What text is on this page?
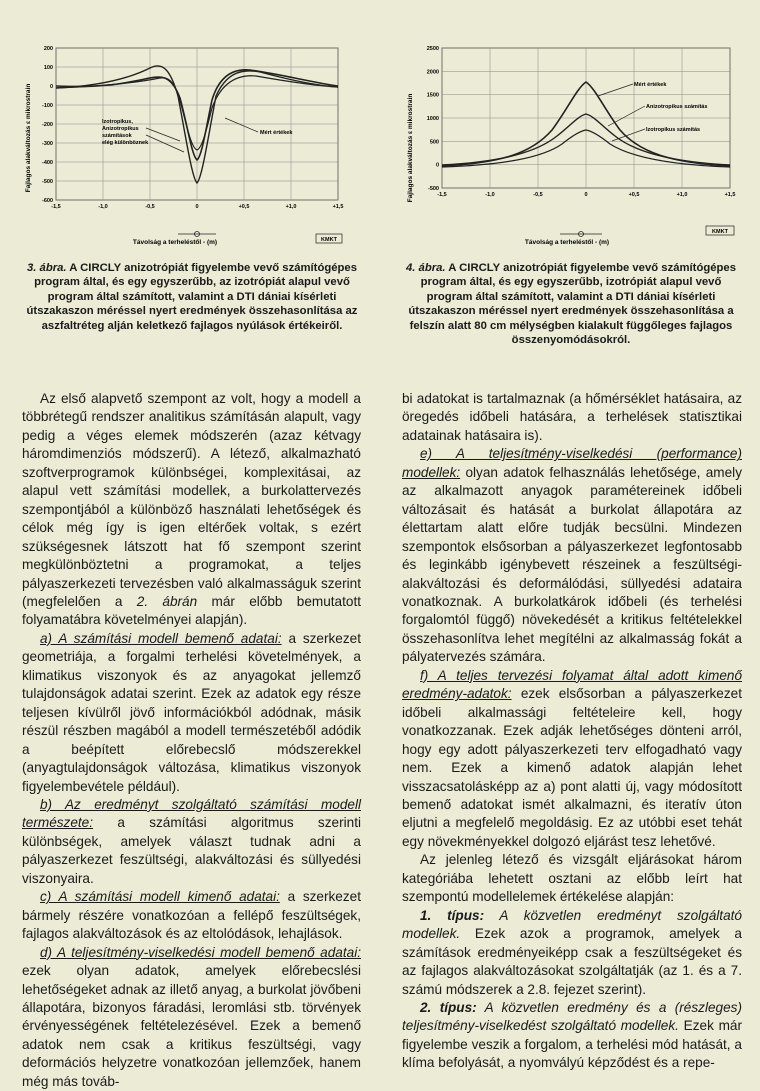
200
100
0
-100
-200
-300
-400
-500
-600
-1,5	-1,0	-0,5	0	+0,5	+1,0	+1,5
Fajlagos alakváltozás ε mikrostrain
Távolság a terheléstől - (m)	KMKT
Izotropikus,
Anizotropikus
számítások
elég különböznek
Mért értékek
2500
2000
1500
1000
500
0
-500
-1,5	-1,0	-0,5	0	+0,5	+1,0	+1,5
Fajlagos alakváltozás ε mikrostrain
Távolság a terheléstől - (m)
KMKT
Mért értékek
Anizotropikus számítás
Izotropikus számítás
3. ábra. A CIRCLY anizotrópiát figyelembe vevő számítógépes program által, és egy egyszerűbb, az izotrópiát alapul vevő program által számított, valamint a DTI dániai kísérleti útszakaszon méréssel nyert eredmények összehasonlítása az aszfaltréteg alján keletkező fajlagos nyúlások értékeiről.
4. ábra. A CIRCLY anizotrópiát figyelembe vevő számítógépes program által, és egy egyszerűbb, izotrópiát alapul vevő program által számított, valamint a DTI dániai kísérleti útszakaszon méréssel nyert eredmények összehasonlítása a felszín alatt 80 cm mélységben kialakult függőleges fajlagos összenyomódásokról.

Az első alapvető szempont az volt, hogy a modell a többrétegű rendszer analitikus számításán alapult, vagy pedig a véges elemek módszerén (azaz kétvagy háromdimenziós módszerű). A létező, alkalmazható szoftverprogramok különbségei, komplexitásai, az alapul vett számítási modellek, a burkolattervezés szempontjából a különböző használati lehetőségek és célok még így is igen eltérőek voltak, s ezért szükségesnek látszott hat fő szempont szerint megkülönböztetni a programokat, a teljes pályaszerkezeti tervezésben való alkalmasságuk szerint (megfelelően a 2. ábrán már előbb bemutatott folyamatábra követelményei alapján).

a) A számítási modell bemenő adatai: a szerkezet geometriája, a forgalmi terhelési követelmények, a klimatikus viszonyok és az anyagokat jellemző tulajdonságok adatai szerint. Ezek az adatok egy része teljesen kívülről jövő információkból adódnak, másik részül részben magából a modell természetéből adódik a beépített előrebecslő módszerekkel (anyagtulajdonságok változása, klimatikus viszonyok figyelembevétele például).

b) Az eredményt szolgáltató számítási modell természete: a számítási algoritmus szerinti különbségek, amelyek választ tudnak adni a pályaszerkezet feszültségi, alakváltozási és süllyedési viszonyaira.

c) A számítási modell kimenő adatai: a szerkezet bármely részére vonatkozóan a fellépő feszültségek, fajlagos alakváltozások és az eltolódások, lehajlások.

d) A teljesítmény-viselkedési modell bemenő adatai: ezek olyan adatok, amelyek előrebecslési lehetőségeket adnak az illető anyag, a burkolat jövőbeni állapotára, bizonyos fáradási, leromlási stb. törvények érvényességének feltételezésével. Ezek a bemenő adatok nem csak a kritikus feszültségi, vagy deformációs helyzetre vonatkozóan jellemzőek, hanem még más továb-

bi adatokat is tartalmaznak (a hőmérséklet hatásaira, az öregedés időbeli hatására, a terhelések statisztikai adatainak hatásaira is).

e) A teljesítmény-viselkedési (performance) modellek: olyan adatok felhasználás lehetősége, amely az alkalmazott anyagok paramétereinek időbeli változásait és hatását a burkolat állapotára az élettartam alatt előre tudják becsülni. Mindezen szempontok elsősorban a pályaszerkezet legfontosabb és leginkább igénybevett részeinek a feszültségi-alakváltozási és deformálódási, süllyedési adataira vonatkoznak. A burkolatkárok időbeli (és terhelési forgalomtól függő) növekedését a kritikus feltételekkel összehasonlítva lehet megítélni az alkalmasság fokát a pályatervezés számára.

f) A teljes tervezési folyamat által adott kimenő eredmény-adatok: ezek elsősorban a pályaszerkezet időbeli alkalmassági feltételeire kell, hogy vonatkozzanak. Ezek adják lehetőséges dönteni arról, hogy egy adott pályaszerkezeti terv elfogadható vagy nem. Ezek a kimenő adatok alapján lehet visszacsatolásképp az a) pont alatti új, vagy módosított bemenő adatokat ismét alkalmazni, és iteratív úton eljutni a megfelelő megoldásig. Ez az utóbbi eset tehát egy növekményekkel dolgozó eljárást tesz lehetővé.

Az jelenleg létező és vizsgált eljárásokat három kategóriába lehetett osztani az előbb leírt hat szempontú modellelemek értékelése alapján:

1. típus: A közvetlen eredményt szolgáltató modellek. Ezek azok a programok, amelyek a számítások eredményeiképp csak a feszültségeket és az fajlagos alakváltozásokat szolgáltatják (az 1. és a 7. számú módszerek a 2.8. fejezet szerint).

2. típus: A közvetlen eredmény és a (részleges) teljesítmény-viselkedést szolgáltató modellek. Ezek már figyelembe veszik a forgalom, a terhelési mód hatását, a klíma befolyását, a nyomvályú képződést és a repe-
